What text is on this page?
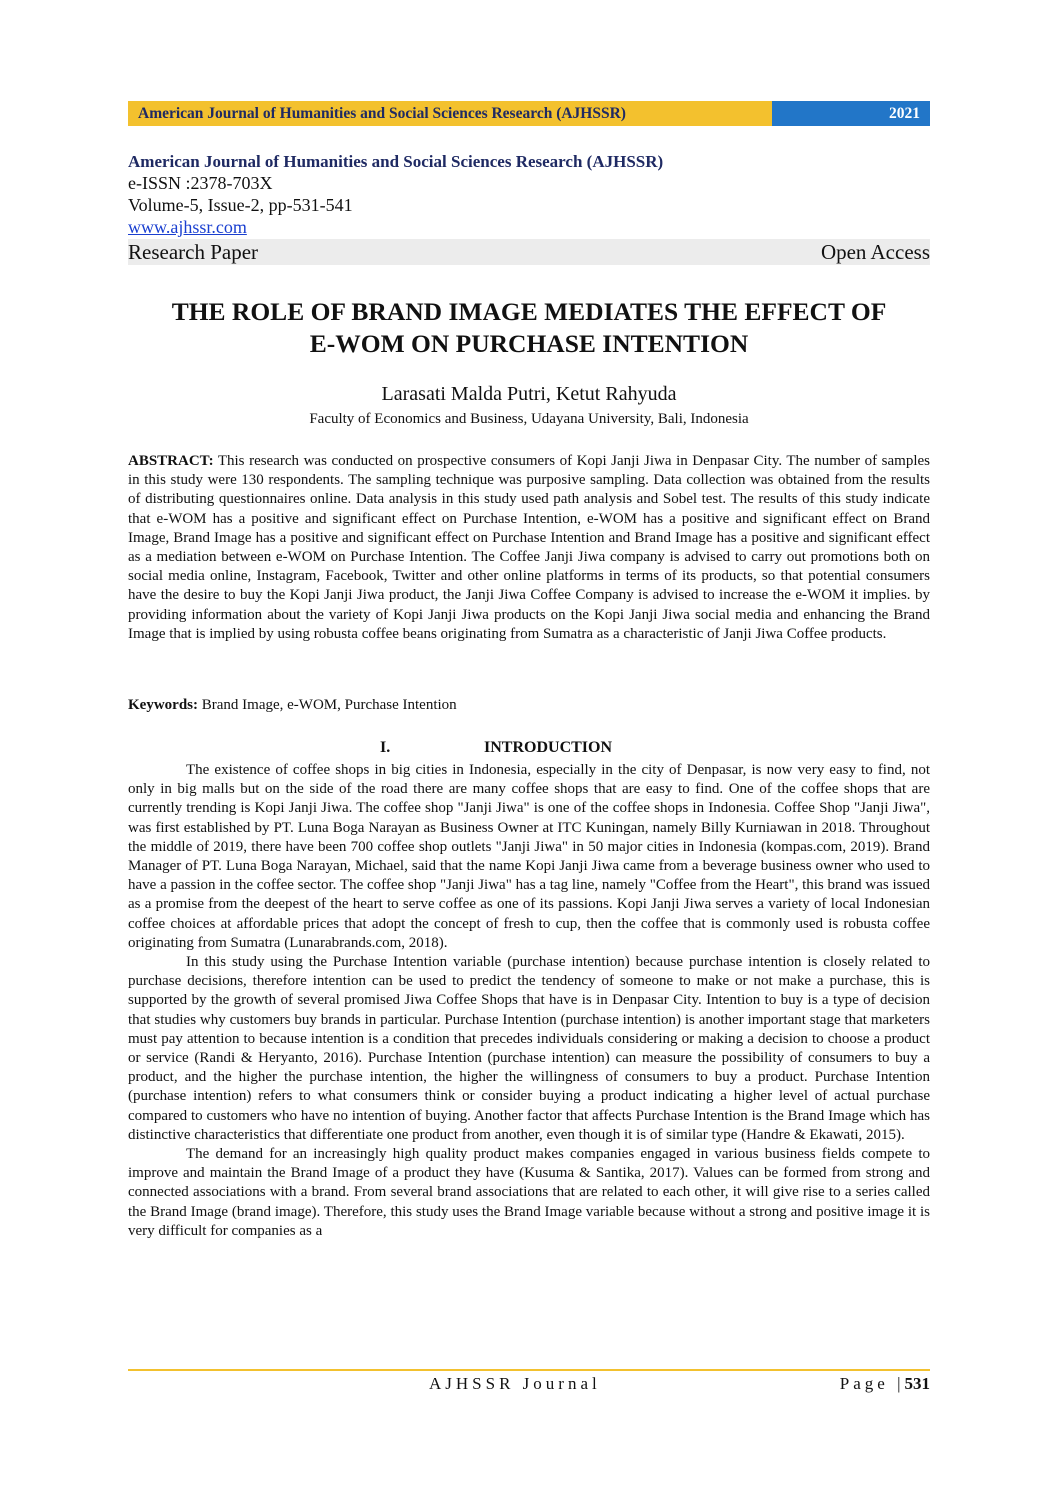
American Journal of Humanities and Social Sciences Research (AJHSSR)	2021
American Journal of Humanities and Social Sciences Research (AJHSSR)
e-ISSN :2378-703X
Volume-5, Issue-2, pp-531-541
www.ajhssr.com
Research Paper	Open Access
THE ROLE OF BRAND IMAGE MEDIATES THE EFFECT OF
E-WOM ON PURCHASE INTENTION
Larasati Malda Putri, Ketut Rahyuda
Faculty of Economics and Business, Udayana University, Bali, Indonesia

ABSTRACT: This research was conducted on prospective consumers of Kopi Janji Jiwa in Denpasar City. The number of samples in this study were 130 respondents. The sampling technique was purposive sampling. Data collection was obtained from the results of distributing questionnaires online. Data analysis in this study used path analysis and Sobel test. The results of this study indicate that e-WOM has a positive and significant effect on Purchase Intention, e-WOM has a positive and significant effect on Brand Image, Brand Image has a positive and significant effect on Purchase Intention and Brand Image has a positive and significant effect as a mediation between e-WOM on Purchase Intention. The Coffee Janji Jiwa company is advised to carry out promotions both on social media online, Instagram, Facebook, Twitter and other online platforms in terms of its products, so that potential consumers have the desire to buy the Kopi Janji Jiwa product, the Janji Jiwa Coffee Company is advised to increase the e-WOM it implies. by providing information about the variety of Kopi Janji Jiwa products on the Kopi Janji Jiwa social media and enhancing the Brand Image that is implied by using robusta coffee beans originating from Sumatra as a characteristic of Janji Jiwa Coffee products.

Keywords: Brand Image, e-WOM, Purchase Intention

I.	INTRODUCTION

The existence of coffee shops in big cities in Indonesia, especially in the city of Denpasar, is now very easy to find, not only in big malls but on the side of the road there are many coffee shops that are easy to find. One of the coffee shops that are currently trending is Kopi Janji Jiwa. The coffee shop "Janji Jiwa" is one of the coffee shops in Indonesia. Coffee Shop "Janji Jiwa", was first established by PT. Luna Boga Narayan as Business Owner at ITC Kuningan, namely Billy Kurniawan in 2018. Throughout the middle of 2019, there have been 700 coffee shop outlets "Janji Jiwa" in 50 major cities in Indonesia (kompas.com, 2019). Brand Manager of PT. Luna Boga Narayan, Michael, said that the name Kopi Janji Jiwa came from a beverage business owner who used to have a passion in the coffee sector. The coffee shop "Janji Jiwa" has a tag line, namely "Coffee from the Heart", this brand was issued as a promise from the deepest of the heart to serve coffee as one of its passions. Kopi Janji Jiwa serves a variety of local Indonesian coffee choices at affordable prices that adopt the concept of fresh to cup, then the coffee that is commonly used is robusta coffee originating from Sumatra (Lunarabrands.com, 2018).

In this study using the Purchase Intention variable (purchase intention) because purchase intention is closely related to purchase decisions, therefore intention can be used to predict the tendency of someone to make or not make a purchase, this is supported by the growth of several promised Jiwa Coffee Shops that have is in Denpasar City. Intention to buy is a type of decision that studies why customers buy brands in particular. Purchase Intention (purchase intention) is another important stage that marketers must pay attention to because intention is a condition that precedes individuals considering or making a decision to choose a product or service (Randi & Heryanto, 2016). Purchase Intention (purchase intention) can measure the possibility of consumers to buy a product, and the higher the purchase intention, the higher the willingness of consumers to buy a product. Purchase Intention (purchase intention) refers to what consumers think or consider buying a product indicating a higher level of actual purchase compared to customers who have no intention of buying. Another factor that affects Purchase Intention is the Brand Image which has distinctive characteristics that differentiate one product from another, even though it is of similar type (Handre & Ekawati, 2015).

The demand for an increasingly high quality product makes companies engaged in various business fields compete to improve and maintain the Brand Image of a product they have (Kusuma & Santika, 2017). Values can be formed from strong and connected associations with a brand. From several brand associations that are related to each other, it will give rise to a series called the Brand Image (brand image). Therefore, this study uses the Brand Image variable because without a strong and positive image it is very difficult for companies as a

AJHSSR Journal	Page |531
